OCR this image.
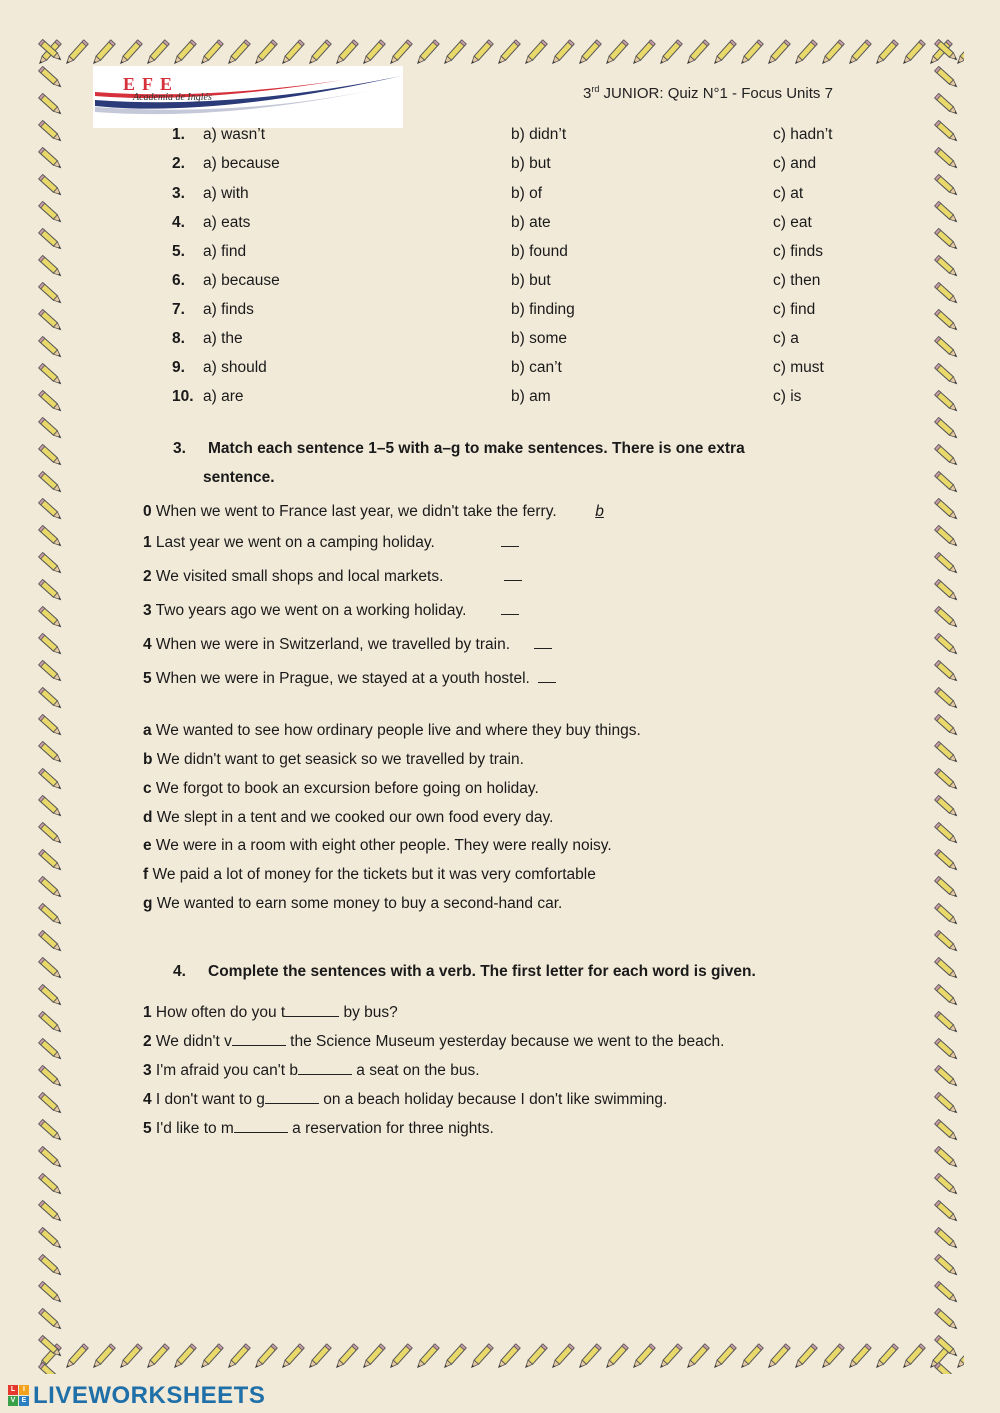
EFE
Academia de Inglés	3rd JUNIOR: Quiz N°1 - Focus Units 7
1. a) wasn’t	b) didn’t	c) hadn’t
2. a) because	b) but	c) and
3. a) with	b) of	c) at
4. a) eats	b) ate	c) eat
5. a) find	b) found	c) finds
6. a) because	b) but	c) then
7. a) finds	b) finding	c) find
8. a) the	b) some	c) a
9. a) should	b) can’t	c) must
10. a) are	b) am	c) is
3. Match each sentence 1–5 with a–g to make sentences. There is one extra
sentence.
0 When we went to France last year, we didn't take the ferry. b
1 Last year we went on a camping holiday.
2 We visited small shops and local markets.
3 Two years ago we went on a working holiday.
4 When we were in Switzerland, we travelled by train.
5 When we were in Prague, we stayed at a youth hostel.
a We wanted to see how ordinary people live and where they buy things.
b We didn't want to get seasick so we travelled by train.
c We forgot to book an excursion before going on holiday.
d We slept in a tent and we cooked our own food every day.
e We were in a room with eight other people. They were really noisy.
f We paid a lot of money for the tickets but it was very comfortable
g We wanted to earn some money to buy a second-hand car.
4. Complete the sentences with a verb. The first letter for each word is given.
1 How often do you t	by bus?
2 We didn't v	the Science Museum yesterday because we went to the beach.
3 I'm afraid you can't b	a seat on the bus.
4 I don't want to g	on a beach holiday because I don't like swimming.
5 I'd like to m	a reservation for three nights.
L	I
V E LIVEWORKSHEETS
